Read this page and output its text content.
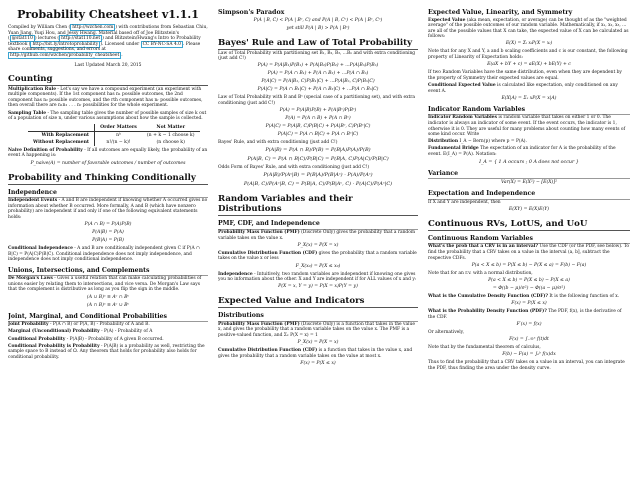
Probability Cheatsheet v1.1.1

Compiled by William Chen ( http://wzchen.com ) with contributions from Sebastian Chiu, Yuan Jiang, Yuqi Hou, and Jessy Hwang. Material based off of Joe Blitzstein's ( @stat110 ) lectures ( http://stat110.net ) and Blitzstein/Hwang's Intro to Probability textbook ( http://bit.ly/introtoprobability ). Licensed under CC BY-NC-SA 4.0 . Please share comments, suggestions, and errors at http://github.com/wzchen/probability_cheatsheet .

Last Updated March 20, 2015
Counting

Multiplication Rule - Let's say we have a compound experiment (an experiment with multiple components). If the 1st component has n₁ possible outcomes, the 2nd component has n₂ possible outcomes, and the rth component has nᵣ possible outcomes, then overall there are n₁n₂ . . . nᵣ possibilities for the whole experiment.

Sampling Table - The sampling table gives the number of possible samples of size k out of a population of size n, under various assumptions about how the sample is collected.

	Order Matters	Not Matter
With Replacement	nᵏ	(n + k − 1 choose k)
Without Replacement	n!/(n − k)!	(n choose k)

Naive Definition of Probability - If all outcomes are equally likely, the probability of an event A happening is:

P_naive(A) = number of favorable outcomes / number of outcomes
Probability and Thinking Conditionally
Independence

Independent Events - A and B are independent if knowing whether A occurred gives no information about whether B occurred. More formally, A and B (which have nonzero probability) are independent if and only if one of the following equivalent statements holds:

P(A ∩ B) = P(A)P(B)
P(A|B) = P(A)
P(B|A) = P(B)

Conditional Independence - A and B are conditionally independent given C if P(A ∩ B|C) = P(A|C)P(B|C). Conditional independence does not imply independence, and independence does not imply conditional independence.

Unions, Intersections, and Complements

De Morgan's Laws - Gives a useful relation that can make calculating probabilities of unions easier by relating them to intersections, and vice versa. De Morgan's Law says that the complement is distributive as long as you flip the sign in the middle.

(A ∪ B)ᶜ ≡ Aᶜ ∩ Bᶜ
(A ∩ B)ᶜ ≡ Aᶜ ∪ Bᶜ
Joint, Marginal, and Conditional Probabilities

Joint Probability - P(A ∩ B) or P(A, B) - Probability of A and B.

Marginal (Unconditional) Probability - P(A) - Probability of A

Conditional Probability - P(A|B) - Probability of A given B occurred.

Conditional Probability is Probability - P(A|B) is a probability as well, restricting the sample space to B instead of Ω. Any theorem that holds for probability also holds for conditional probability.

Simpson's Paradox
P(A | B, C) < P(A | Bᶜ, C) and P(A | B, Cᶜ) < P(A | Bᶜ, Cᶜ)
yet still P(A | B) > P(A | Bᶜ)
Bayes' Rule and Law of Total Probability

Law of Total Probability with partitioning set B₁, B₂, B₃, ...Bₙ and with extra conditioning (just add C!)

P(A) = P(A|B₁)P(B₁) + P(A|B₂)P(B₂) + ...P(A|Bₙ)P(Bₙ)
P(A) = P(A ∩ B₁) + P(A ∩ B₂) + ...P(A ∩ Bₙ)
P(A|C) = P(A|B₁, C)P(B₁|C) + ...P(A|Bₙ, C)P(Bₙ|C)
P(A|C) = P(A ∩ B₁|C) + P(A ∩ B₂|C) + ...P(A ∩ Bₙ|C)

Law of Total Probability with B and Bᶜ (special case of a partitioning set), and with extra conditioning (just add C!)

P(A) = P(A|B)P(B) + P(A|Bᶜ)P(Bᶜ)
P(A) = P(A ∩ B) + P(A ∩ Bᶜ)
P(A|C) = P(A|B, C)P(B|C) + P(A|Bᶜ, C)P(Bᶜ|C)
P(A|C) = P(A ∩ B|C) + P(A ∩ Bᶜ|C)

Bayes' Rule, and with extra conditioning (just add C!)

P(A|B) = P(A ∩ B)/P(B) = P(B|A)P(A)/P(B)
P(A|B, C) = P(A ∩ B|C)/P(B|C) = P(B|A, C)P(A|C)/P(B|C)

Odds Form of Bayes' Rule, and with extra conditioning (just add C!)

P(A|B)/P(Aᶜ|B) = P(B|A)/P(B|Aᶜ) · P(A)/P(Aᶜ)
P(A|B, C)/P(Aᶜ|B, C) = P(B|A, C)/P(B|Aᶜ, C) · P(A|C)/P(Aᶜ|C)
Random Variables and their Distributions
PMF, CDF, and Independence

Probability Mass Function (PMF) (Discrete Only) gives the probability that a random variable takes on the value x.

P_X(x) = P(X = x)

Cumulative Distribution Function (CDF) gives the probability that a random variable takes on the value x or less

F_X(x₀) = P(X ≤ x₀)

Independence - Intuitively, two random variables are independent if knowing one gives you no information about the other. X and Y are independent if for ALL values of x and y:

P(X = x, Y = y) = P(X = x)P(Y = y)
Expected Value and Indicators
Distributions

Probability Mass Function (PMF) (Discrete Only) is a function that takes in the value x, and gives the probability that a random variable takes on the value x. The PMF is a positive-valued function, and Σₓ P(X = x) = 1

P_X(x) = P(X = x)

Cumulative Distribution Function (CDF) is a function that takes in the value x, and gives the probability that a random variable takes on the value at most x.

F(x) = P(X ≤ x)
Expected Value, Linearity, and Symmetry

Expected Value (aka mean, expectation, or average) can be thought of as the "weighted average" of the possible outcomes of our random variable. Mathematically, if x₁, x₂, x₃, ... are all of the possible values that X can take, the expected value of X can be calculated as follows:

E(X) = Σᵢ xᵢP(X = xᵢ)

Note that for any X and Y, a and b scaling coefficients and c is our constant, the following property of Linearity of Expectation holds:

E(aX + bY + c) = aE(X) + bE(Y) + c

If two Random Variables have the same distribution, even when they are dependent by the property of Symmetry their expected values are equal.

Conditional Expected Value is calculated like expectation, only conditioned on any event A.

E(X|A) = Σₓ xP(X = x|A)
Indicator Random Variables

Indicator Random Variables is random variable that takes on either 1 or 0. The indicator is always an indicator of some event. If the event occurs, the indicator is 1, otherwise it is 0. They are useful for many problems about counting how many events of some kind occur. Write

Distribution I_A ∼ Bern(p) where p = P(A).

Fundamental Bridge The expectation of an indicator for A is the probability of the event. E(I_A) = P(A). Notation:

I_A = { 1 A occurs ; 0 A does not occur }
Variance
Var(X) = E(X²) − [E(X)]²
Expectation and Independence

If X and Y are independent, then

E(XY) = E(X)E(Y)
Continuous RVs, LotUS, and UoU
Continuous Random Variables

What's the prob that a CRV is in an interval? Use the CDF (or the PDF, see below). To find the probability that a CRV takes on a value in the interval (a, b], subtract the respective CDFs.

P(a < X ≤ b) = P(X ≤ b) − P(X ≤ a) = F(b) − F(a)

Note that for an r.v. with a normal distribution,

P(a < X ≤ b) = P(X ≤ b) − P(X ≤ a)
= Φ((b − μ)/σ²) − Φ((a − μ)/σ²)

What is the Cumulative Density Function (CDF)? It is the following function of x.

F(x) = P(X ≤ x)

What is the Probability Density Function (PDF)? The PDF, f(x), is the derivative of the CDF.

F′(x) = f(x)

Or alternatively,

F(x) = ∫₋∞ˣ f(t)dt

Note that by the fundamental theorem of calculus,

F(b) − F(a) = ∫ₐᵇ f(x)dx

Thus to find the probability that a CRV takes on a value in an interval, you can integrate the PDF, thus finding the area under the density curve.
